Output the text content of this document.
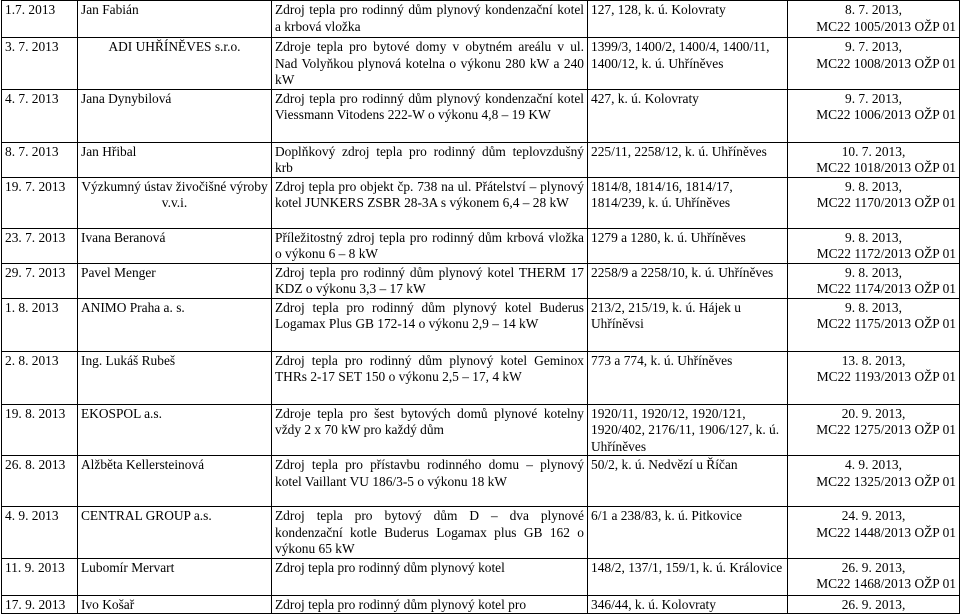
1.7. 2013	Jan Fabián	Zdroj tepla pro rodinný dům plynový kondenzační kotel a krbová vložka	127, 128, k. ú. Kolovraty	8. 7. 2013,
MC22 1005/2013 OŽP 01

3. 7. 2013	ADI UHŘÍNĚVES s.r.o.	Zdroje tepla pro bytové domy v obytném areálu v ul. Nad Volyňkou plynová kotelna o výkonu 280 kW a 240 kW	1399/3, 1400/2, 1400/4, 1400/11, 1400/12, k. ú. Uhříněves	9. 7. 2013,
MC22 1008/2013 OŽP 01

4. 7. 2013	Jana Dynybilová	Zdroj tepla pro rodinný dům plynový kondenzační kotel Viessmann Vitodens 222-W o výkonu 4,8 – 19 KW	427, k. ú. Kolovraty	9. 7. 2013,
MC22 1006/2013 OŽP 01

8. 7. 2013	Jan Hřibal	Doplňkový zdroj tepla pro rodinný dům teplovzdušný krb	225/11, 2258/12, k. ú. Uhříněves	10. 7. 2013,
MC22 1018/2013 OŽP 01

19. 7. 2013	Výzkumný ústav živočišné výroby v.v.i.	Zdroj tepla pro objekt čp. 738 na ul. Přátelství – plynový kotel JUNKERS ZSBR 28-3A s výkonem 6,4 – 28 kW	1814/8, 1814/16, 1814/17, 1814/239, k. ú. Uhříněves	9. 8. 2013,
MC22 1170/2013 OŽP 01

23. 7. 2013	Ivana Beranová	Příležitostný zdroj tepla pro rodinný dům krbová vložka o výkonu 6 – 8 kW	1279 a 1280, k. ú. Uhříněves	9. 8. 2013,
MC22 1172/2013 OŽP 01

29. 7. 2013	Pavel Menger	Zdroj tepla pro rodinný dům plynový kotel THERM 17 KDZ o výkonu 3,3 – 17 kW	2258/9 a 2258/10, k. ú. Uhříněves	9. 8. 2013,
MC22 1174/2013 OŽP 01

1. 8. 2013	ANIMO Praha a. s.	Zdroj tepla pro rodinný dům plynový kotel Buderus Logamax Plus GB 172-14 o výkonu 2,9 – 14 kW	213/2, 215/19, k. ú. Hájek u Uhříněvsi	9. 8. 2013,
MC22 1175/2013 OŽP 01

2. 8. 2013	Ing. Lukáš Rubeš	Zdroj tepla pro rodinný dům plynový kotel Geminox THRs 2-17 SET 150 o výkonu 2,5 – 17, 4 kW	773 a 774, k. ú. Uhříněves	13. 8. 2013,
MC22 1193/2013 OŽP 01

19. 8. 2013	EKOSPOL a.s.	Zdroje tepla pro šest bytových domů plynové kotelny vždy 2 x 70 kW pro každý dům	1920/11, 1920/12, 1920/121, 1920/402, 2176/11, 1906/127, k. ú. Uhříněves	20. 9. 2013,
MC22 1275/2013 OŽP 01

26. 8. 2013	Alžběta Kellersteinová	Zdroj tepla pro přístavbu rodinného domu – plynový kotel Vaillant VU 186/3-5 o výkonu 18 kW	50/2, k. ú. Nedvězí u Říčan	4. 9. 2013,
MC22 1325/2013 OŽP 01

4. 9. 2013	CENTRAL GROUP a.s.	Zdroj tepla pro bytový dům D – dva plynové kondenzační kotle Buderus Logamax plus GB 162 o výkonu 65 kW	6/1 a 238/83, k. ú. Pitkovice	24. 9. 2013,
MC22 1448/2013 OŽP 01

11. 9. 2013	Lubomír Mervart	Zdroj tepla pro rodinný dům plynový kotel	148/2, 137/1, 159/1, k. ú. Královice	26. 9. 2013,
MC22 1468/2013 OŽP 01

17. 9. 2013	Ivo Košař	Zdroj tepla pro rodinný dům plynový kotel pro	346/44, k. ú. Kolovraty	26. 9. 2013,
